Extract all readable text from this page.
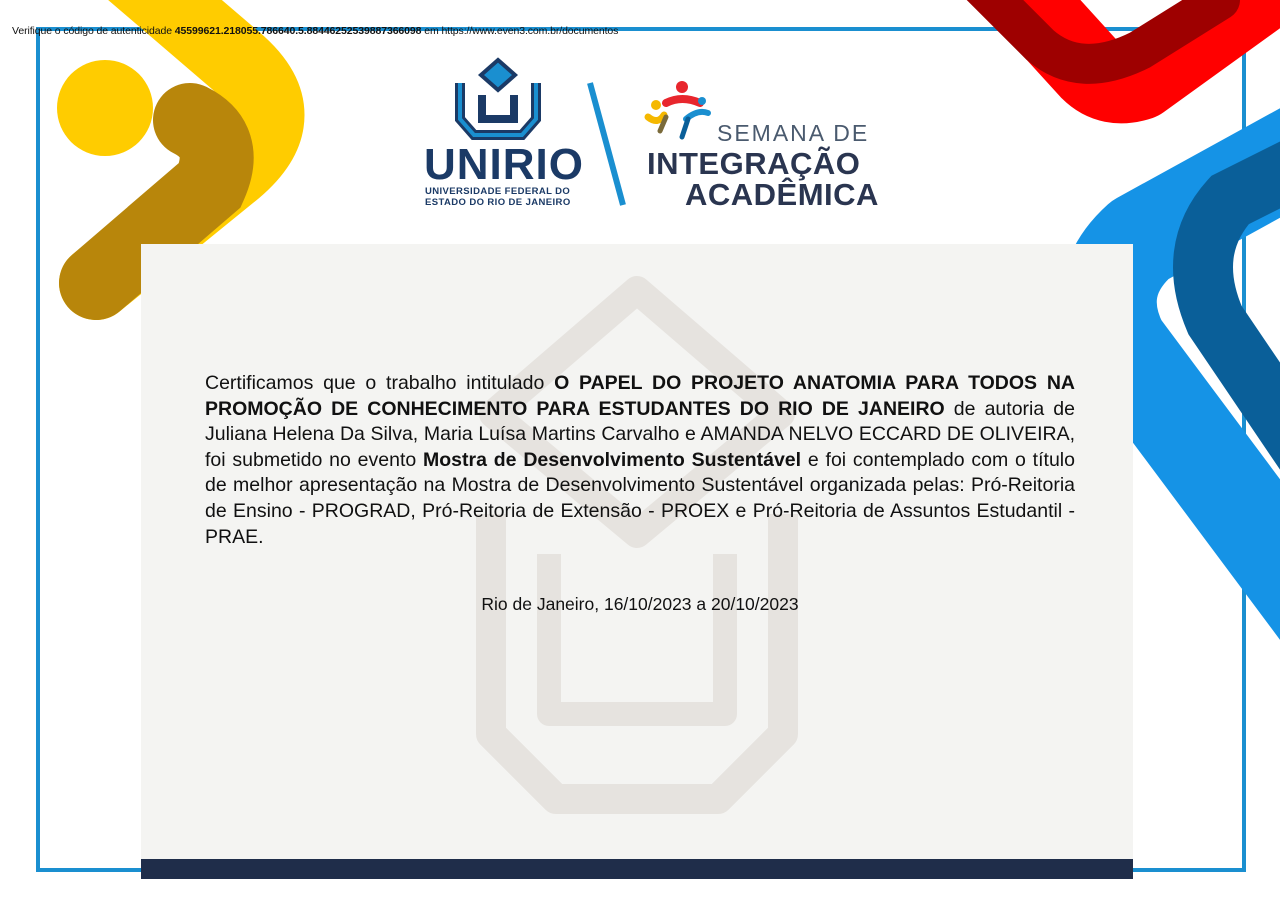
Verifique o código de autenticidade 45599621.218055.786640.5.88446252539887366098 em https://www.even3.com.br/documentos
UNIRIO
UNIVERSIDADE FEDERAL DO
ESTADO DO RIO DE JANEIRO
SEMANA DE
INTEGRAÇÃO
ACADÊMICA
Certificamos que o trabalho intitulado O PAPEL DO PROJETO ANATOMIA PARA TODOS NA PROMOÇÃO DE CONHECIMENTO PARA ESTUDANTES DO RIO DE JANEIRO de autoria de Juliana Helena Da Silva, Maria Luísa Martins Carvalho e AMANDA NELVO ECCARD DE OLIVEIRA, foi submetido no evento Mostra de Desenvolvimento Sustentável e foi contemplado com o título de melhor apresentação na Mostra de Desenvolvimento Sustentável organizada pelas: Pró-Reitoria de Ensino - PROGRAD, Pró-Reitoria de Extensão - PROEX e Pró-Reitoria de Assuntos Estudantil - PRAE.
Rio de Janeiro, 16/10/2023 a 20/10/2023
